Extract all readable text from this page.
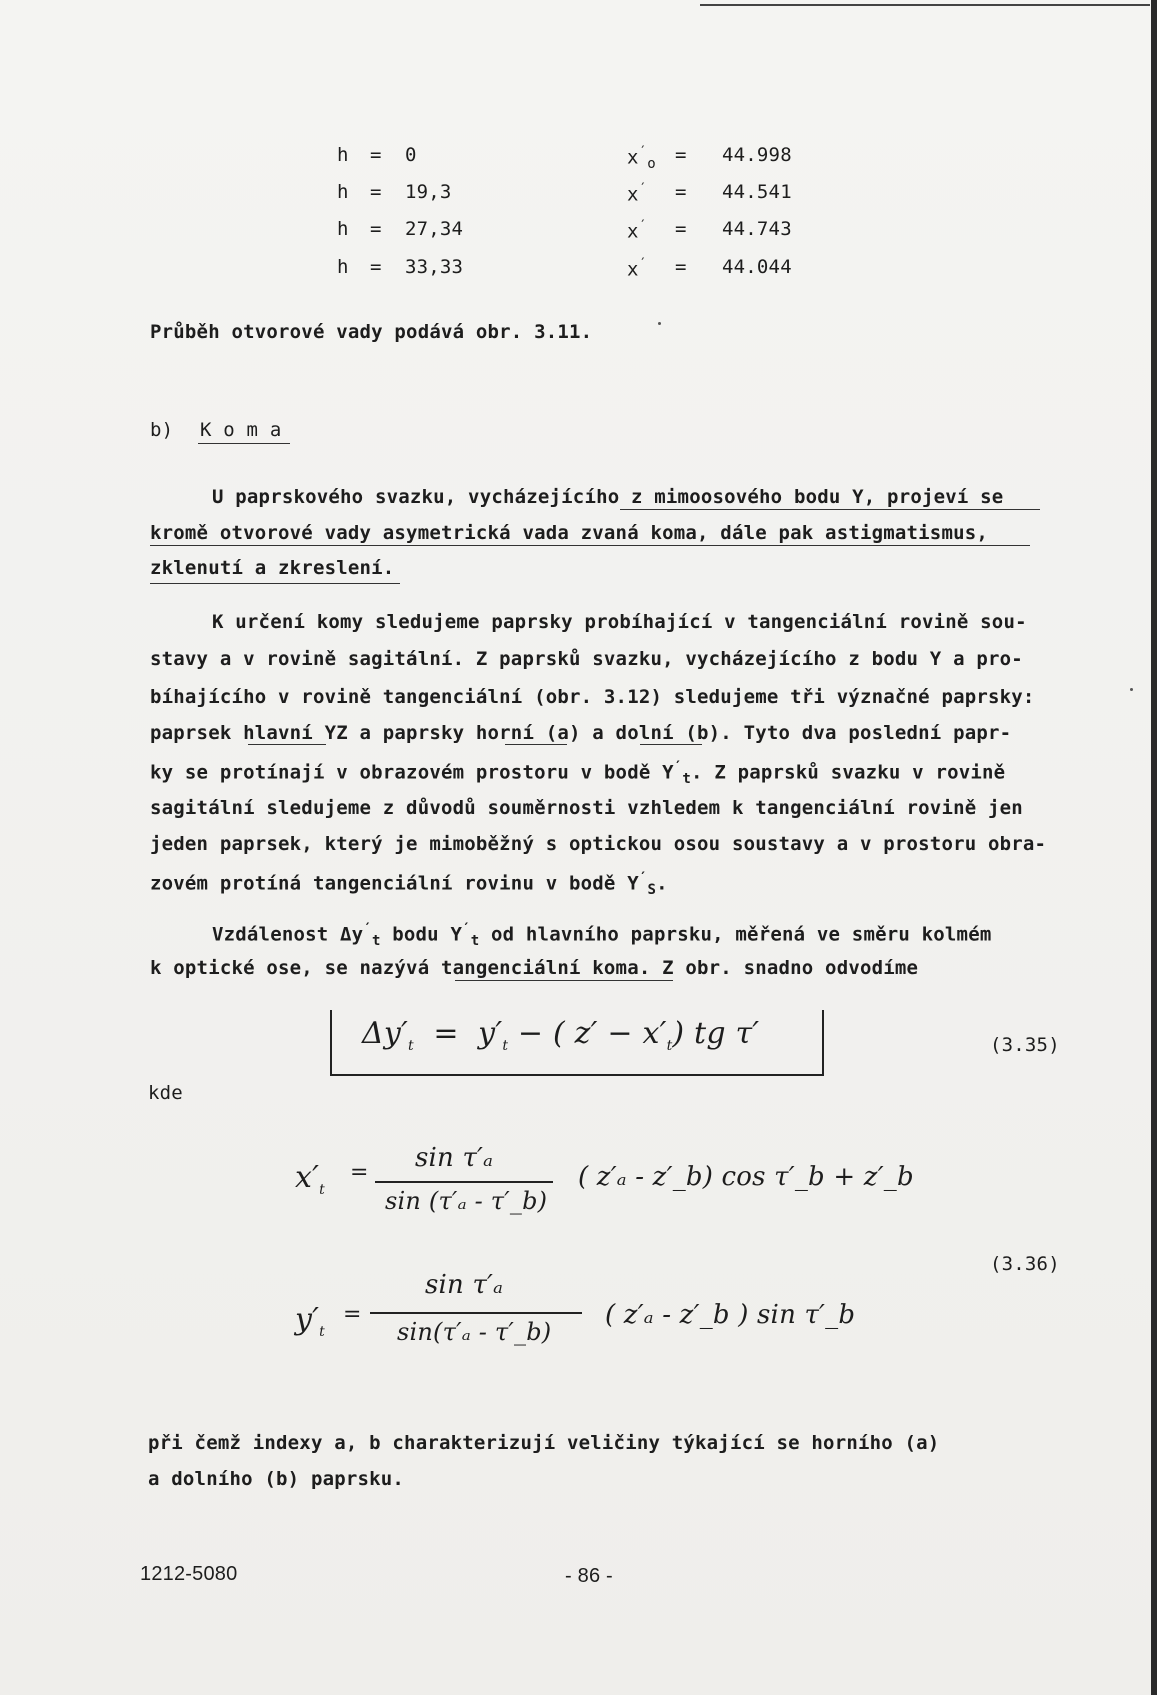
h = 0	$x'_o = 44.998$
h = 19,3	x′ = 44.541
h = 27,34	x′ = 44.743
h = 33,33	x′ = 44.044
Průběh otvorové vady podává obr. 3.11.
b) K o m a
U paprskového svazku, vycházejícího z mimoosového bodu Y, projeví se
kromě otvorové vady asymetrická vada zvaná koma, dále pak astigmatismus,
zklenutí a zkreslení.
K určení komy sledujeme paprsky probíhající v tangenciální rovině sou-
stavy a v rovině sagitální. Z paprsků svazku, vycházejícího z bodu Y a pro-
bíhajícího v rovině tangenciální (obr. 3.12) sledujeme tři význačné paprsky:
paprsek hlavní YZ a paprsky horní (a) a dolní (b). Tyto dva poslední papr-
ky se protínají v obrazovém prostoru v bodě $Y'_t$. Z paprsků svazku v rovině
sagitální sledujeme z důvodů souměrnosti vzhledem k tangenciální rovině jen
jeden paprsek, který je mimoběžný s optickou osou soustavy a v prostoru obra-
zovém protíná tangenciální rovinu v bodě $Y'_S$.
Vzdálenost $\Delta y'_t$ bodu $Y'_t$ od hlavního paprsku, měřená ve směru kolmém
k optické ose, se nazývá tangenciální koma. Z obr. snadno odvodíme
$\Delta y'_t = y'_t$ − ( $z' - x'_t$) tg τ′	(3.35)
kde
$x'_t$
= sin τ′ₐ
sin (τ′ₐ - τ′_b)
( z′ₐ - z′_b) cos τ′_b + z′_b
$y'_t$
=
sin τ′ₐ
sin(τ′ₐ - τ′_b)
( z′ₐ - z′_b ) sin τ′_b
(3.36)
při čemž indexy a, b charakterizují veličiny týkající se horního (a)
a dolního (b) paprsku.
1212-5080	- 86 -
